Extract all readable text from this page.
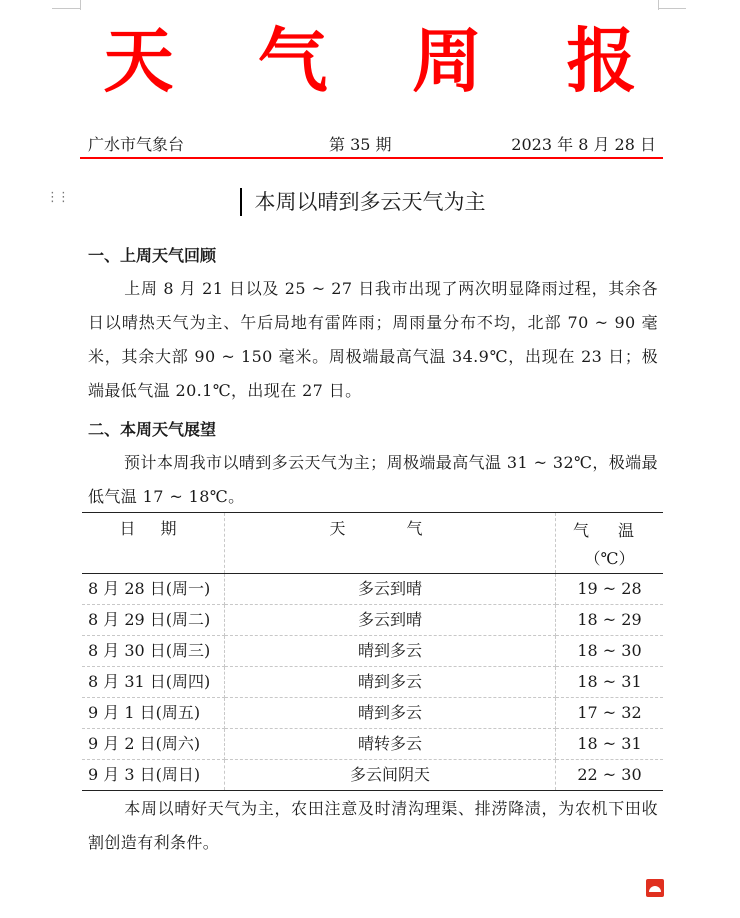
天 气 周 报
广水市气象台	第 35 期	2023 年 8 月 28 日
⋮⋮	本周以晴到多云天气为主
一、上周天气回顾
上周 8 月 21 日以及 25 ~ 27 日我市出现了两次明显降雨过程，其余各日以晴热天气为主、午后局地有雷阵雨；周雨量分布不均，北部 70 ~ 90 毫米，其余大部 90 ~ 150 毫米。周极端最高气温 34.9℃，出现在 23 日；极端最低气温 20.1℃，出现在 27 日。
二、本周天气展望
预计本周我市以晴到多云天气为主；周极端最高气温 31 ~ 32℃，极端最低气温 17 ~ 18℃。
日 期	天 气	气 温
（℃）
8 月 28 日(周一)	多云到晴	19 ~ 28
8 月 29 日(周二)	多云到晴	18 ~ 29
8 月 30 日(周三)	晴到多云	18 ~ 30
8 月 31 日(周四)	晴到多云	18 ~ 31
9 月 1 日(周五)	晴到多云	17 ~ 32
9 月 2 日(周六)	晴转多云	18 ~ 31
9 月 3 日(周日)	多云间阴天	22 ~ 30
本周以晴好天气为主，农田注意及时清沟理渠、排涝降渍，为农机下田收割创造有利条件。
